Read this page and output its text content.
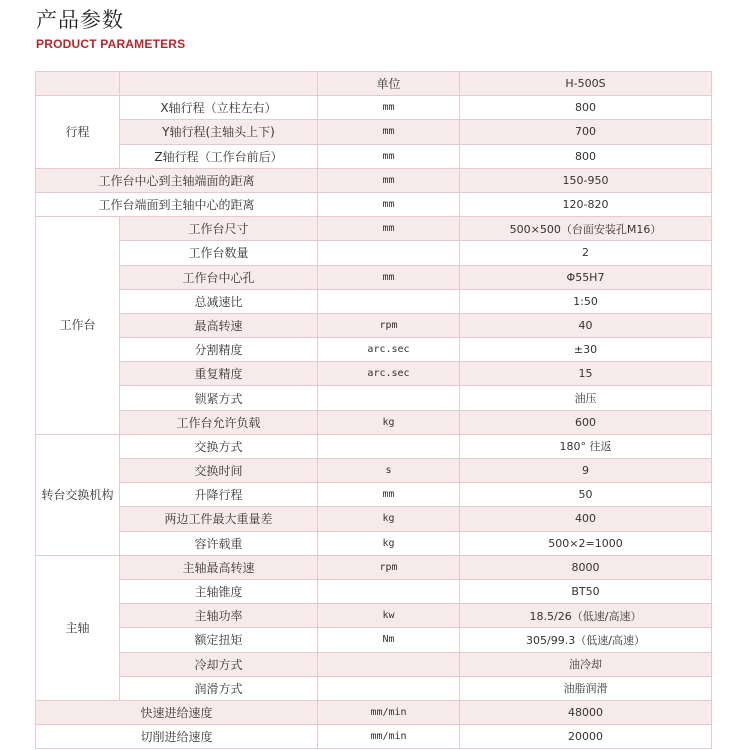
产品参数
PRODUCT PARAMETERS
		单位	H-500S
行程	X轴行程（立柱左右）	mm	800
	Y轴行程(主轴头上下)	mm	700
	Z轴行程（工作台前后）	mm	800
工作台中心到主轴端面的距离		mm	150-950
工作台端面到主轴中心的距离		mm	120-820
工作台	工作台尺寸	mm	500×500（台面安装孔M16）
	工作台数量		2
	工作台中心孔	mm	Φ55H7
	总减速比		1:50
	最高转速	rpm	40
	分割精度	arc.sec	±30
	重复精度	arc.sec	15
	锁紧方式		油压
	工作台允许负载	kg	600
转台交换机构	交换方式		180° 往返
	交换时间	s	9
	升降行程	mm	50
	两边工件最大重量差	kg	400
	容许载重	kg	500×2=1000
主轴	主轴最高转速	rpm	8000
	主轴锥度		BT50
	主轴功率	kw	18.5/26（低速/高速）
	额定扭矩	Nm	305/99.3（低速/高速）
	冷却方式		油冷却
	润滑方式		油脂润滑
快速进给速度		mm/min	48000
切削进给速度		mm/min	20000
